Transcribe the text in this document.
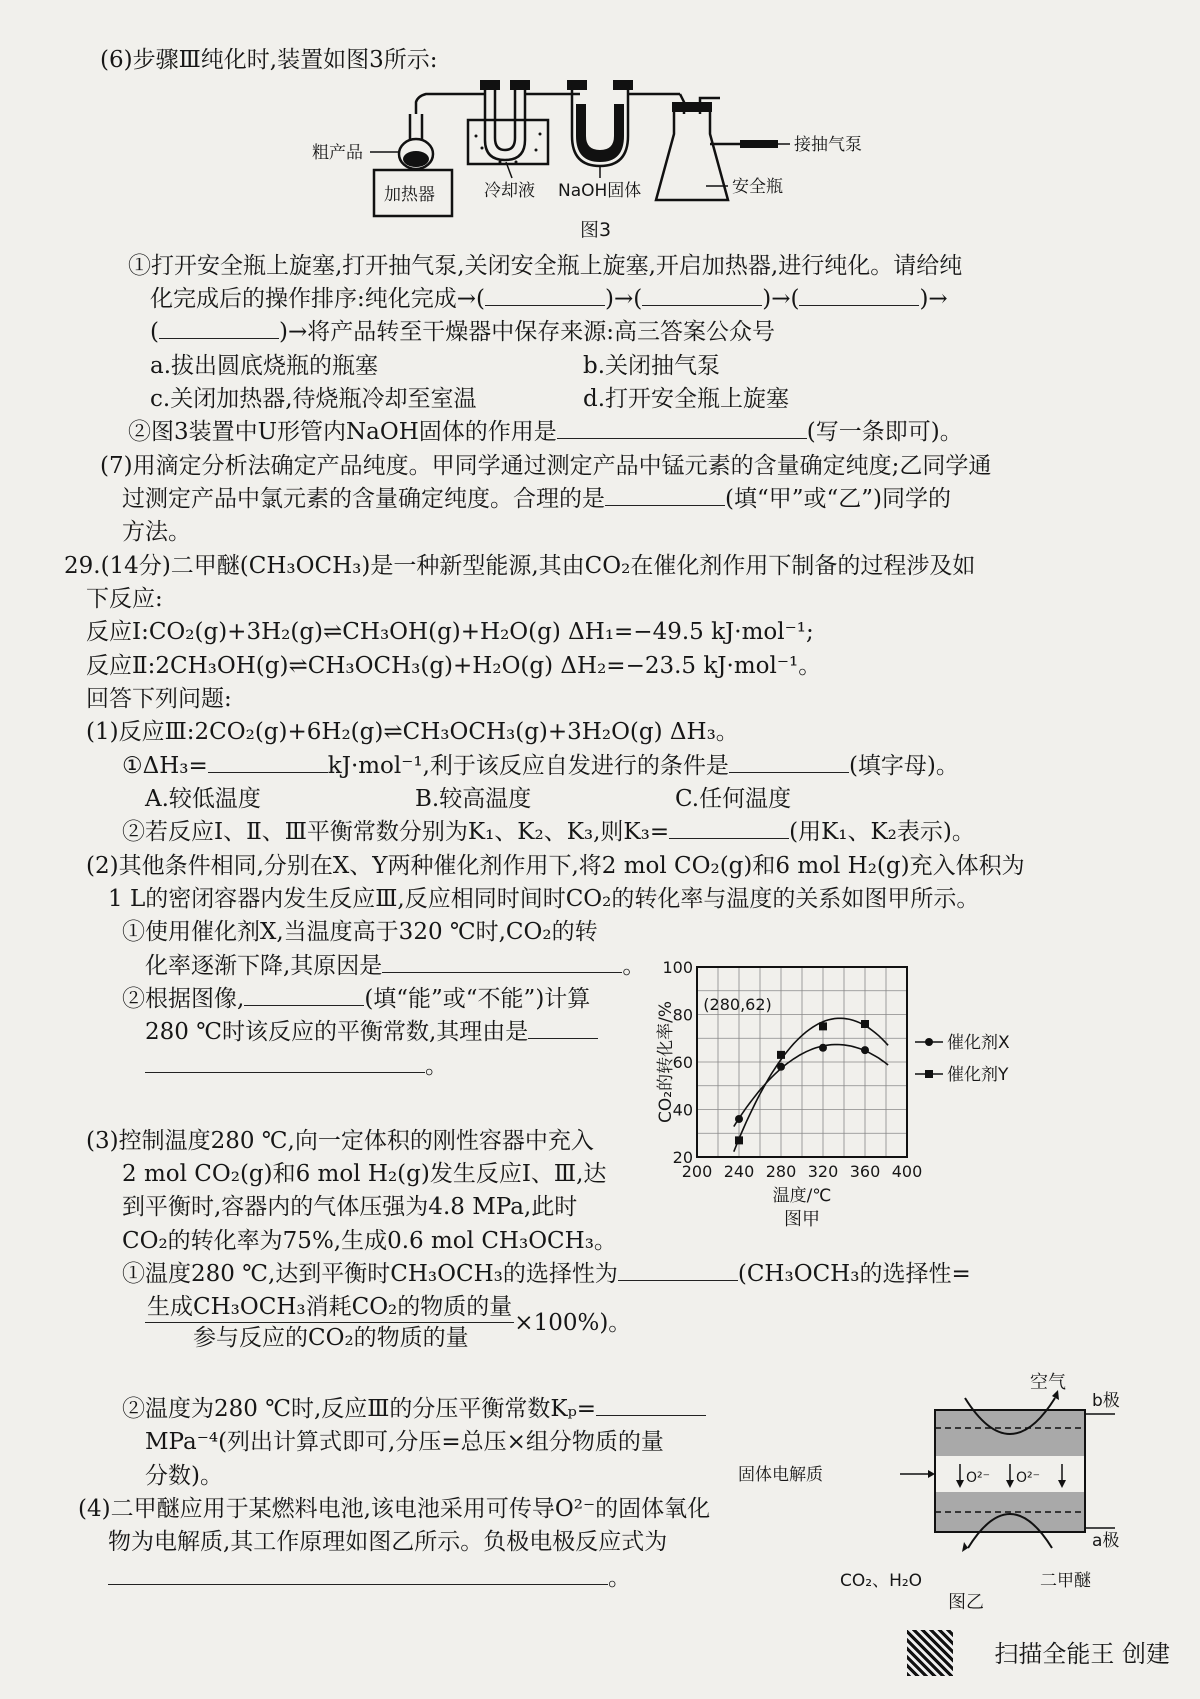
(6)步骤Ⅲ纯化时,装置如图3所示:
粗产品
加热器	冷却液 NaOH固体	安全瓶
接抽气泵
图3
①打开安全瓶上旋塞,打开抽气泵,关闭安全瓶上旋塞,开启加热器,进行纯化。请给纯
化完成后的操作排序:纯化完成→(	)→(	)→(	)→
(	)→将产品转至干燥器中保存来源:高三答案公众号
a.拔出圆底烧瓶的瓶塞	b.关闭抽气泵
c.关闭加热器,待烧瓶冷却至室温	d.打开安全瓶上旋塞
②图3装置中U形管内NaOH固体的作用是	(写一条即可)。
(7)用滴定分析法确定产品纯度。甲同学通过测定产品中锰元素的含量确定纯度;乙同学通
过测定产品中氯元素的含量确定纯度。合理的是	(填“甲”或“乙”)同学的
方法。
29.(14分)二甲醚(CH₃OCH₃)是一种新型能源,其由CO₂在催化剂作用下制备的过程涉及如
下反应:
反应Ⅰ:CO₂(g)+3H₂(g)⇌CH₃OH(g)+H₂O(g) ΔH₁=−49.5 kJ·mol⁻¹;
反应Ⅱ:2CH₃OH(g)⇌CH₃OCH₃(g)+H₂O(g) ΔH₂=−23.5 kJ·mol⁻¹。
回答下列问题:
(1)反应Ⅲ:2CO₂(g)+6H₂(g)⇌CH₃OCH₃(g)+3H₂O(g) ΔH₃。
①ΔH₃=	kJ·mol⁻¹,利于该反应自发进行的条件是	(填字母)。
A.较低温度	B.较高温度	C.任何温度
②若反应Ⅰ、Ⅱ、Ⅲ平衡常数分别为K₁、K₂、K₃,则K₃=	(用K₁、K₂表示)。
(2)其他条件相同,分别在X、Y两种催化剂作用下,将2 mol CO₂(g)和6 mol H₂(g)充入体积为
1 L的密闭容器内发生反应Ⅲ,反应相同时间时CO₂的转化率与温度的关系如图甲所示。
①使用催化剂X,当温度高于320 ℃时,CO₂的转
化率逐渐下降,其原因是	。
②根据图像,	(填“能”或“不能”)计算
280 ℃时该反应的平衡常数,其理由是
。
200 240 280 320 360 400
20
40
60
80
100
温度/℃
CO₂的转化率/%
图甲
(280,62)
催化剂X
催化剂Y
(3)控制温度280 ℃,向一定体积的刚性容器中充入
2 mol CO₂(g)和6 mol H₂(g)发生反应Ⅰ、Ⅲ,达
到平衡时,容器内的气体压强为4.8 MPa,此时
CO₂的转化率为75%,生成0.6 mol CH₃OCH₃。
①温度280 ℃,达到平衡时CH₃OCH₃的选择性为	(CH₃OCH₃的选择性=
生成CH₃OCH₃消耗CO₂的物质的量×100%)。
参与反应的CO₂的物质的量
②温度为280 ℃时,反应Ⅲ的分压平衡常数Kₚ=
MPa⁻⁴(列出计算式即可,分压=总压×组分物质的量
分数)。
(4)二甲醚应用于某燃料电池,该电池采用可传导O²⁻的固体氧化
物为电解质,其工作原理如图乙所示。负极电极反应式为
。
空气
b极
固体电解质	O²⁻ O²⁻
a极
CO₂、H₂O	二甲醚
图乙
扫描全能王 创建
